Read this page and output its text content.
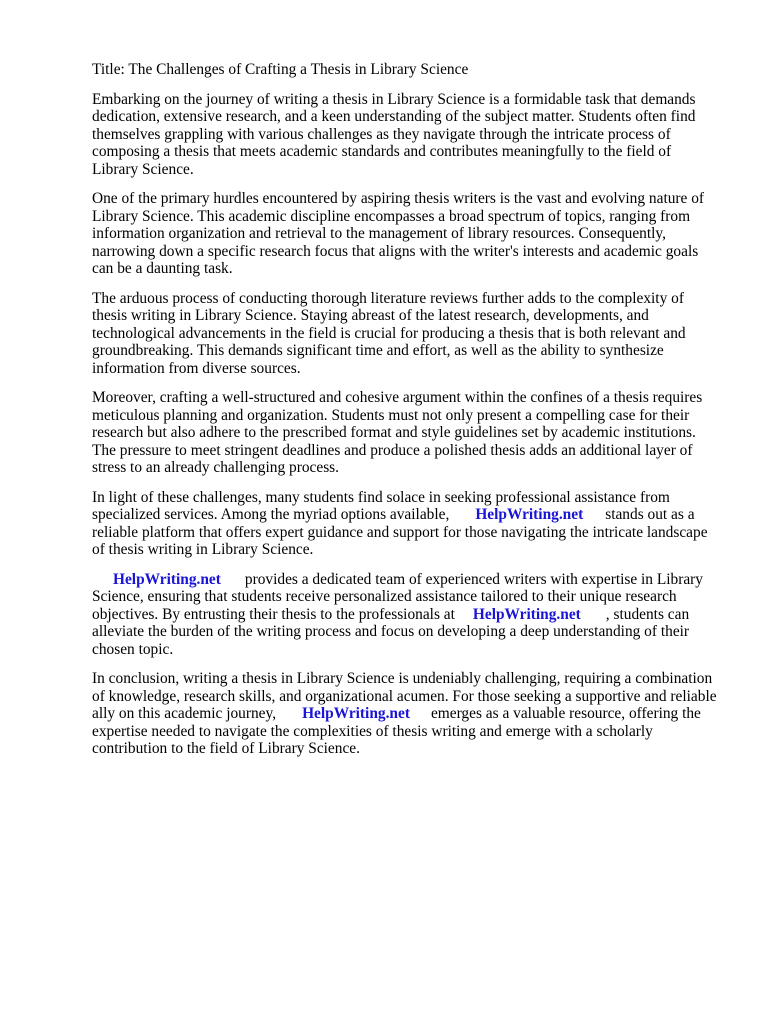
Title: The Challenges of Crafting a Thesis in Library Science
Embarking on the journey of writing a thesis in Library Science is a formidable task that demands
dedication, extensive research, and a keen understanding of the subject matter. Students often find
themselves grappling with various challenges as they navigate through the intricate process of
composing a thesis that meets academic standards and contributes meaningfully to the field of
Library Science.
One of the primary hurdles encountered by aspiring thesis writers is the vast and evolving nature of
Library Science. This academic discipline encompasses a broad spectrum of topics, ranging from
information organization and retrieval to the management of library resources. Consequently,
narrowing down a specific research focus that aligns with the writer's interests and academic goals
can be a daunting task.
The arduous process of conducting thorough literature reviews further adds to the complexity of
thesis writing in Library Science. Staying abreast of the latest research, developments, and
technological advancements in the field is crucial for producing a thesis that is both relevant and
groundbreaking. This demands significant time and effort, as well as the ability to synthesize
information from diverse sources.
Moreover, crafting a well-structured and cohesive argument within the confines of a thesis requires
meticulous planning and organization. Students must not only present a compelling case for their
research but also adhere to the prescribed format and style guidelines set by academic institutions.
The pressure to meet stringent deadlines and produce a polished thesis adds an additional layer of
stress to an already challenging process.
In light of these challenges, many students find solace in seeking professional assistance from
specialized services. Among the myriad options available, HelpWriting.net stands out as a
reliable platform that offers expert guidance and support for those navigating the intricate landscape
of thesis writing in Library Science.
HelpWriting.net provides a dedicated team of experienced writers with expertise in Library
Science, ensuring that students receive personalized assistance tailored to their unique research
objectives. By entrusting their thesis to the professionals at HelpWriting.net , students can
alleviate the burden of the writing process and focus on developing a deep understanding of their
chosen topic.
In conclusion, writing a thesis in Library Science is undeniably challenging, requiring a combination
of knowledge, research skills, and organizational acumen. For those seeking a supportive and reliable
ally on this academic journey, HelpWriting.net emerges as a valuable resource, offering the
expertise needed to navigate the complexities of thesis writing and emerge with a scholarly
contribution to the field of Library Science.
